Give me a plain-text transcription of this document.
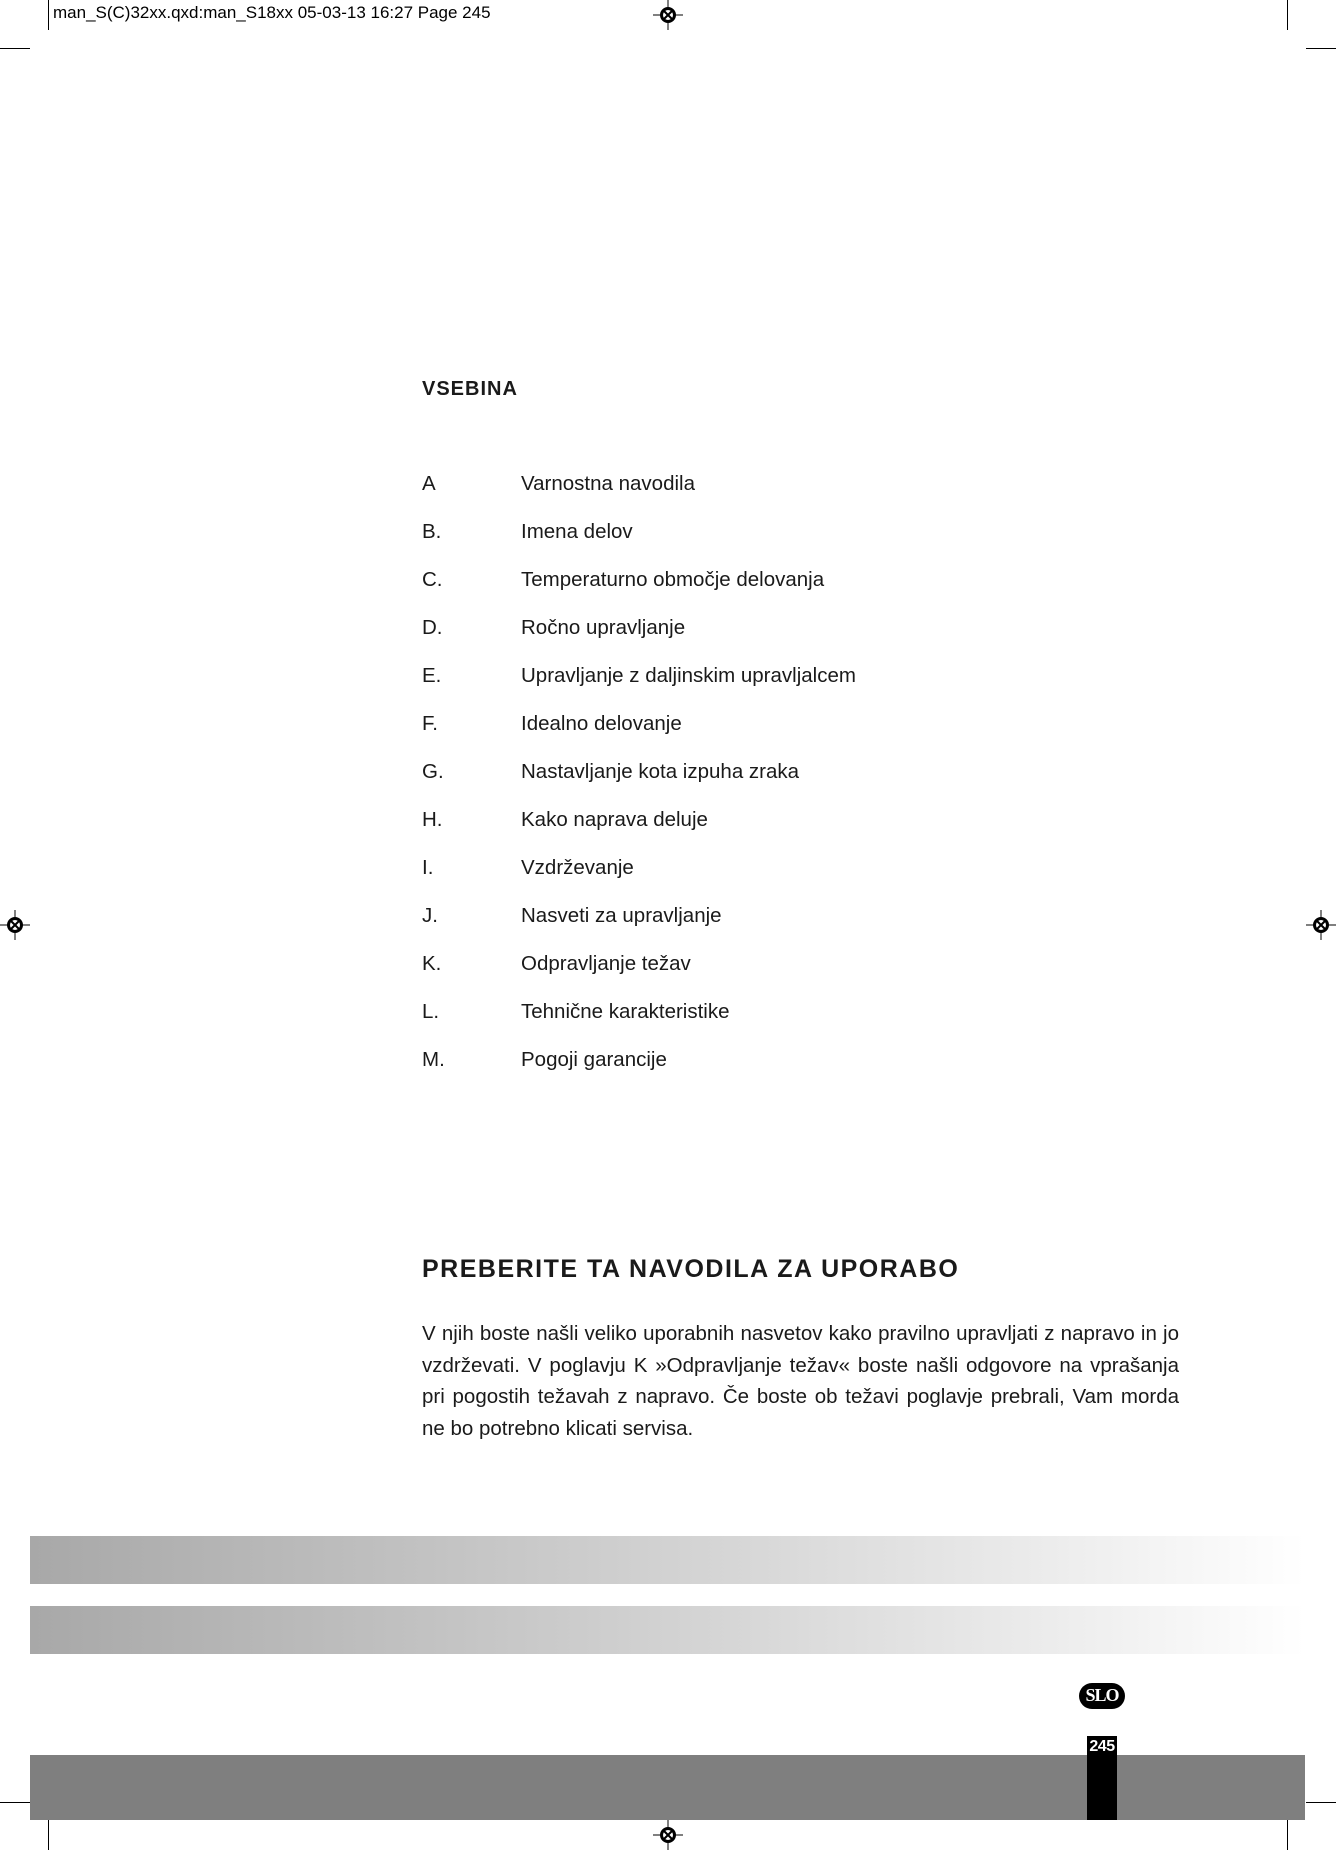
man_S(C)32xx.qxd:man_S18xx 05-03-13 16:27 Page 245
VSEBINA
A	Varnostna navodila
B.	Imena delov
C.	Temperaturno območje delovanja
D.	Ročno upravljanje
E.	Upravljanje z daljinskim upravljalcem
F.	Idealno delovanje
G.	Nastavljanje kota izpuha zraka
H.	Kako naprava deluje
I.	Vzdrževanje
J.	Nasveti za upravljanje
K.	Odpravljanje težav
L.	Tehnične karakteristike
M.	Pogoji garancije
PREBERITE TA NAVODILA ZA UPORABO
V njih boste našli veliko uporabnih nasvetov kako pravilno upravljati z napravo in jo vzdrževati. V poglavju K »Odpravljanje težav« boste našli odgovore na vprašanja pri pogostih težavah z napravo. Če boste ob težavi poglavje prebrali, Vam morda ne bo potrebno klicati servisa.
SLO
245
